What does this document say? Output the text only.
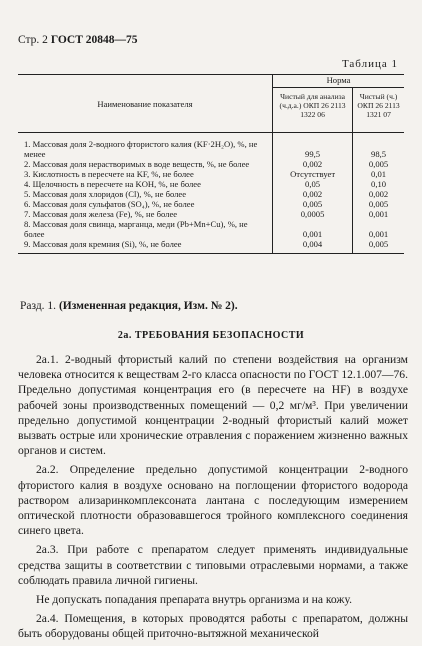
Стр. 2 ГОСТ 20848—75
Таблица 1
Наименование показателя	Норма	
	Чистый для анализа (ч.д.а.) ОКП 26 2113 1322 06	Чистый (ч.) ОКП 26 2113 1321 07
1. Массовая доля 2-водного фтористого калия (KF·2H₂O), %, не менее	99,5	98,5
2. Массовая доля нерастворимых в воде веществ, %, не более	0,002	0,005
3. Кислотность в пересчете на KF, %, не более	Отсутствует	0,01
4. Щелочность в пересчете на KOH, %, не более	0,05	0,10
5. Массовая доля хлоридов (Cl), %, не более	0,002	0,002
6. Массовая доля сульфатов (SO₄), %, не более	0,005	0,005
7. Массовая доля железа (Fe), %, не более	0,0005	0,001
8. Массовая доля свинца, марганца, меди (Pb+Mn+Cu), %, не более	0,001	0,001
9. Массовая доля кремния (Si), %, не более	0,004	0,005
Разд. 1. (Измененная редакция, Изм. № 2).
2а. ТРЕБОВАНИЯ БЕЗОПАСНОСТИ

2а.1. 2-водный фтористый калий по степени воздействия на организм человека относится к веществам 2-го класса опасности по ГОСТ 12.1.007—76. Предельно допустимая концентрация его (в пересчете на HF) в воздухе рабочей зоны производственных помещений — 0,2 мг/м³. При увеличении предельно допустимой концентрации 2-водный фтористый калий может вызвать острые или хронические отравления с поражением жизненно важных органов и систем.

2а.2. Определение предельно допустимой концентрации 2-водного фтористого калия в воздухе основано на поглощении фтористого водорода раствором ализаринкомплексоната лантана с последующим измерением оптической плотности образовавшегося тройного комплексного соединения синего цвета.

2а.3. При работе с препаратом следует применять индивидуальные средства защиты в соответствии с типовыми отраслевыми нормами, а также соблюдать правила личной гигиены.

Не допускать попадания препарата внутрь организма и на кожу.

2а.4. Помещения, в которых проводятся работы с препаратом, должны быть оборудованы общей приточно-вытяжной механической
